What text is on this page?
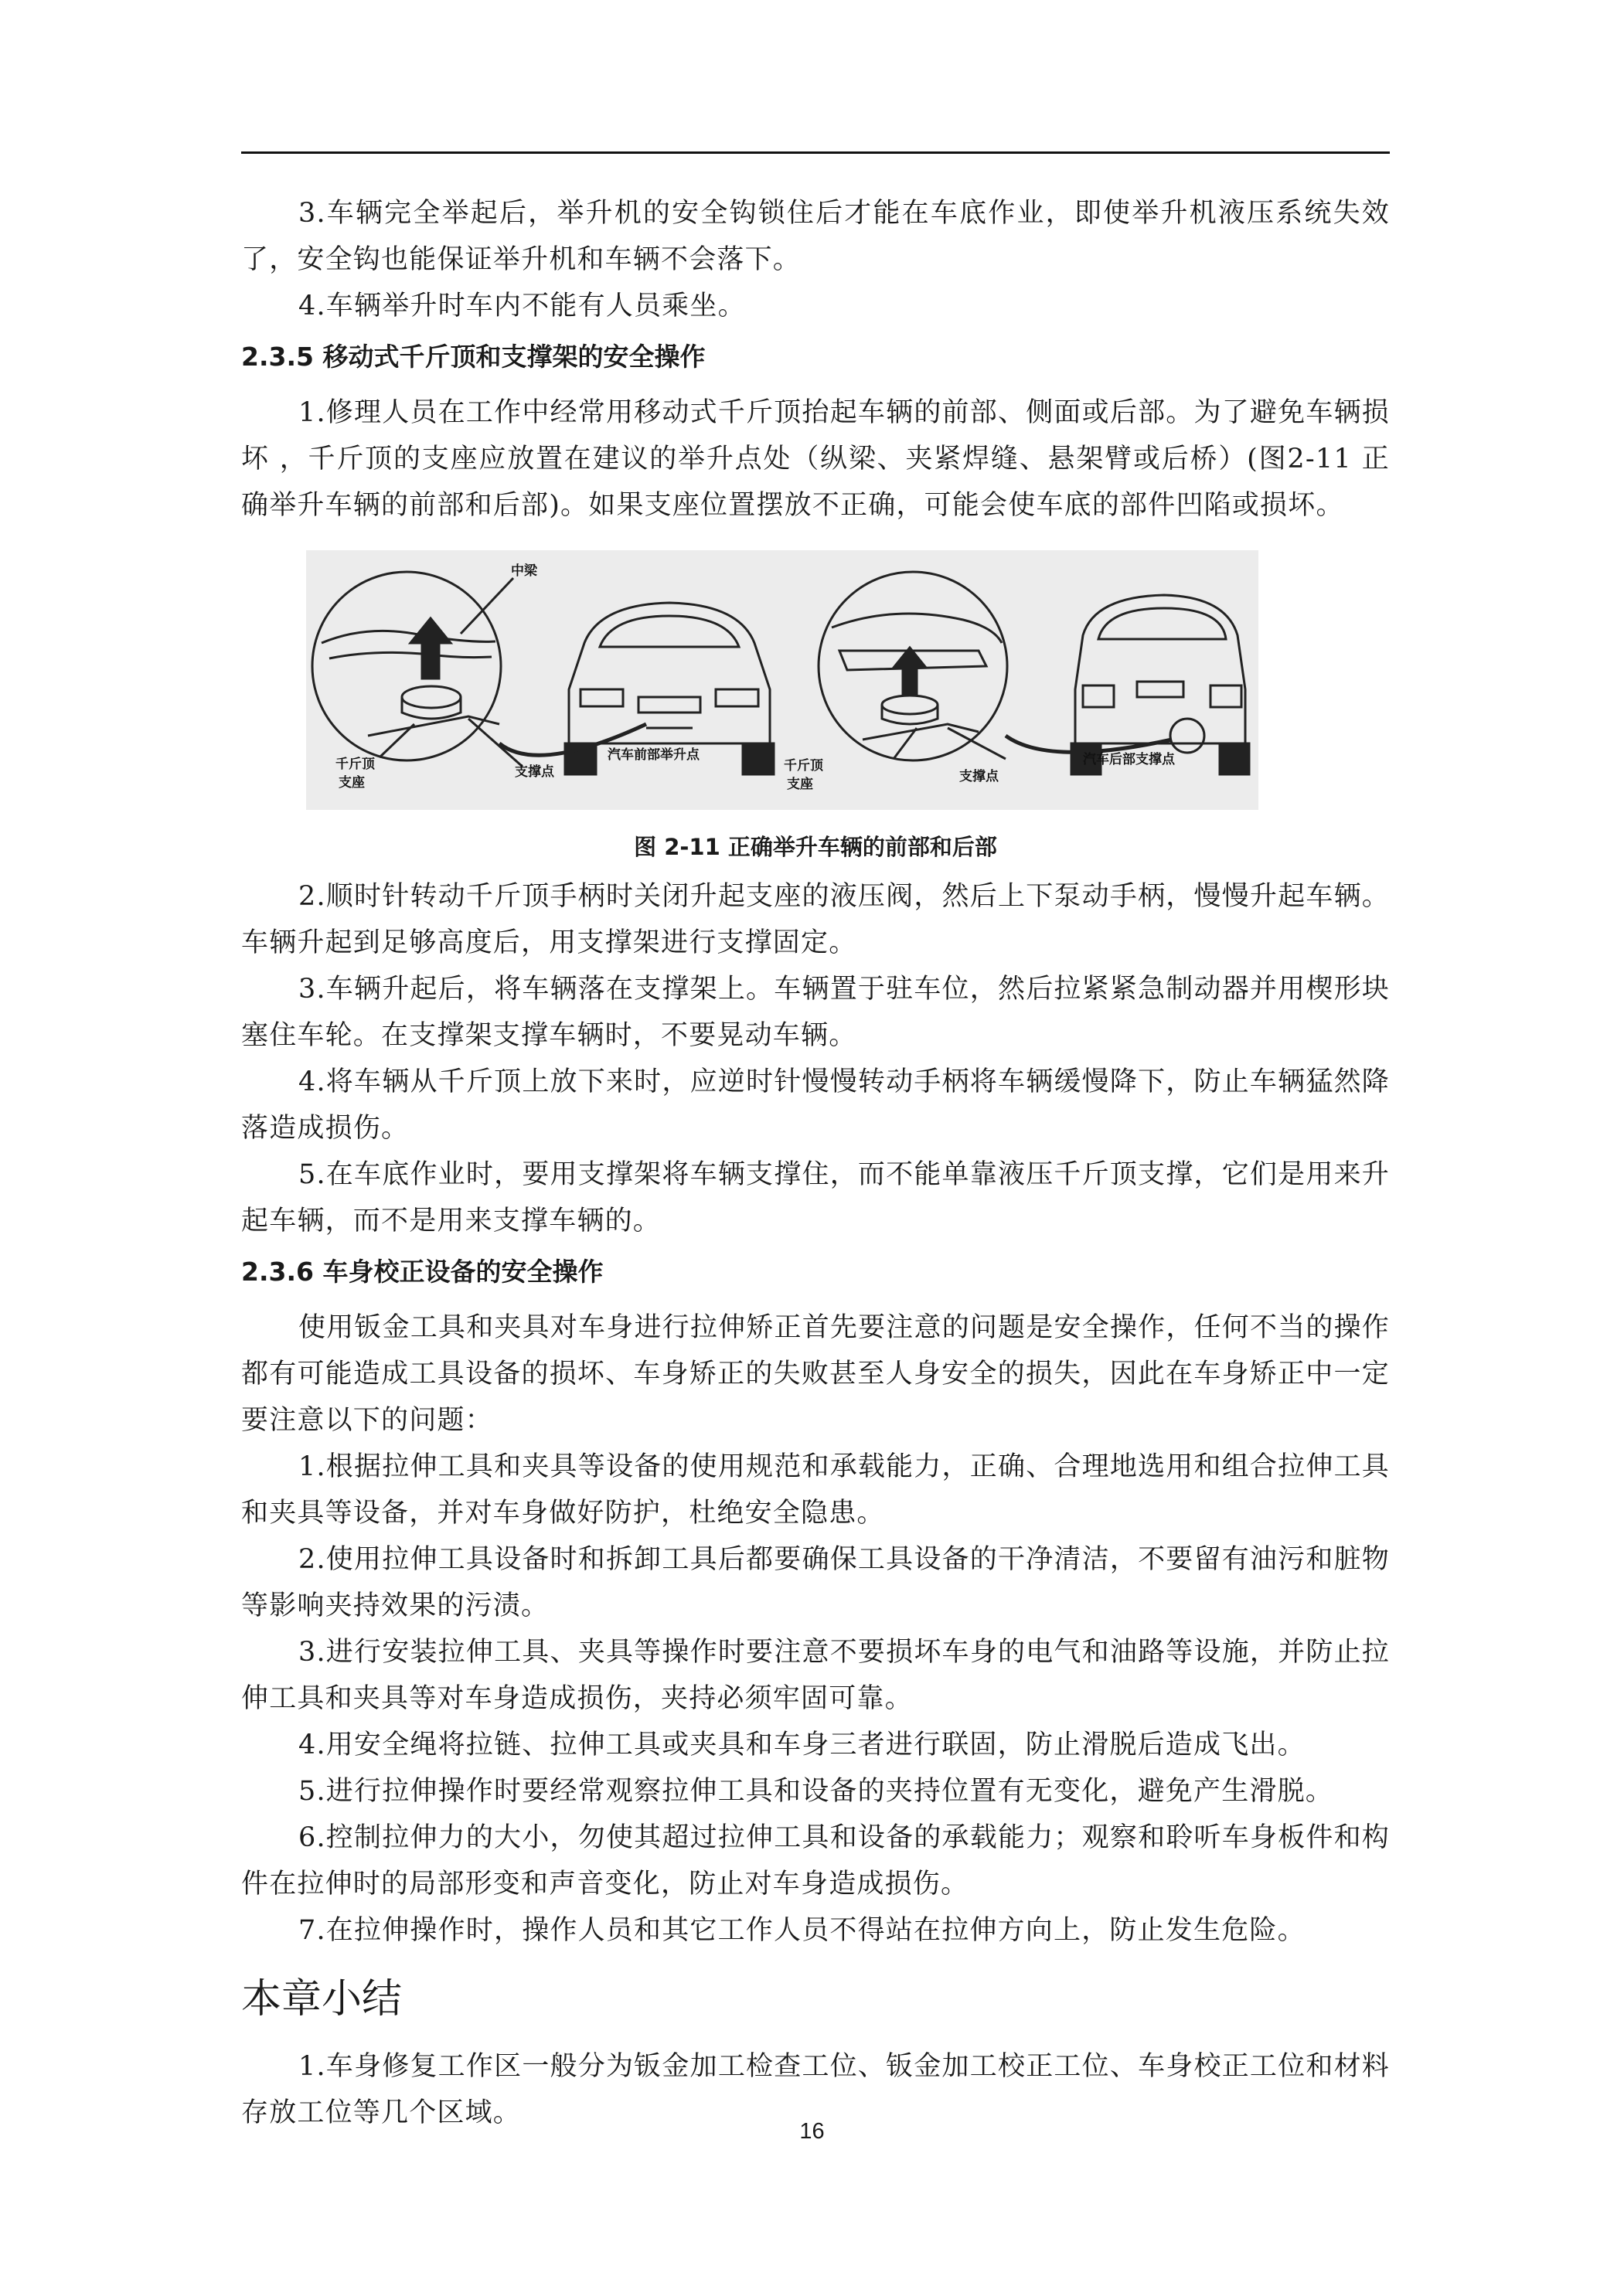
3.车辆完全举起后，举升机的安全钩锁住后才能在车底作业，即使举升机液压系统失效了，安全钩也能保证举升机和车辆不会落下。

4.车辆举升时车内不能有人员乘坐。

2.3.5 移动式千斤顶和支撑架的安全操作

1.修理人员在工作中经常用移动式千斤顶抬起车辆的前部、侧面或后部。为了避免车辆损坏 ，千斤顶的支座应放置在建议的举升点处（纵梁、夹紧焊缝、悬架臂或后桥）(图2-11 正确举升车辆的前部和后部)。如果支座位置摆放不正确，可能会使车底的部件凹陷或损坏。

中梁
千斤顶
支座
支撑点
汽车前部举升点
千斤顶
支座	支撑点
汽车后部支撑点
图 2-11 正确举升车辆的前部和后部

2.顺时针转动千斤顶手柄时关闭升起支座的液压阀，然后上下泵动手柄，慢慢升起车辆。车辆升起到足够高度后，用支撑架进行支撑固定。

3.车辆升起后，将车辆落在支撑架上。车辆置于驻车位，然后拉紧紧急制动器并用楔形块塞住车轮。在支撑架支撑车辆时，不要晃动车辆。

4.将车辆从千斤顶上放下来时，应逆时针慢慢转动手柄将车辆缓慢降下，防止车辆猛然降落造成损伤。

5.在车底作业时，要用支撑架将车辆支撑住，而不能单靠液压千斤顶支撑，它们是用来升起车辆，而不是用来支撑车辆的。

2.3.6 车身校正设备的安全操作

使用钣金工具和夹具对车身进行拉伸矫正首先要注意的问题是安全操作，任何不当的操作都有可能造成工具设备的损坏、车身矫正的失败甚至人身安全的损失，因此在车身矫正中一定要注意以下的问题：

1.根据拉伸工具和夹具等设备的使用规范和承载能力，正确、合理地选用和组合拉伸工具和夹具等设备，并对车身做好防护，杜绝安全隐患。

2.使用拉伸工具设备时和拆卸工具后都要确保工具设备的干净清洁，不要留有油污和脏物等影响夹持效果的污渍。

3.进行安装拉伸工具、夹具等操作时要注意不要损坏车身的电气和油路等设施，并防止拉伸工具和夹具等对车身造成损伤，夹持必须牢固可靠。

4.用安全绳将拉链、拉伸工具或夹具和车身三者进行联固，防止滑脱后造成飞出。

5.进行拉伸操作时要经常观察拉伸工具和设备的夹持位置有无变化，避免产生滑脱。

6.控制拉伸力的大小，勿使其超过拉伸工具和设备的承载能力；观察和聆听车身板件和构件在拉伸时的局部形变和声音变化，防止对车身造成损伤。

7.在拉伸操作时，操作人员和其它工作人员不得站在拉伸方向上，防止发生危险。

本章小结

1.车身修复工作区一般分为钣金加工检查工位、钣金加工校正工位、车身校正工位和材料存放工位等几个区域。

16
